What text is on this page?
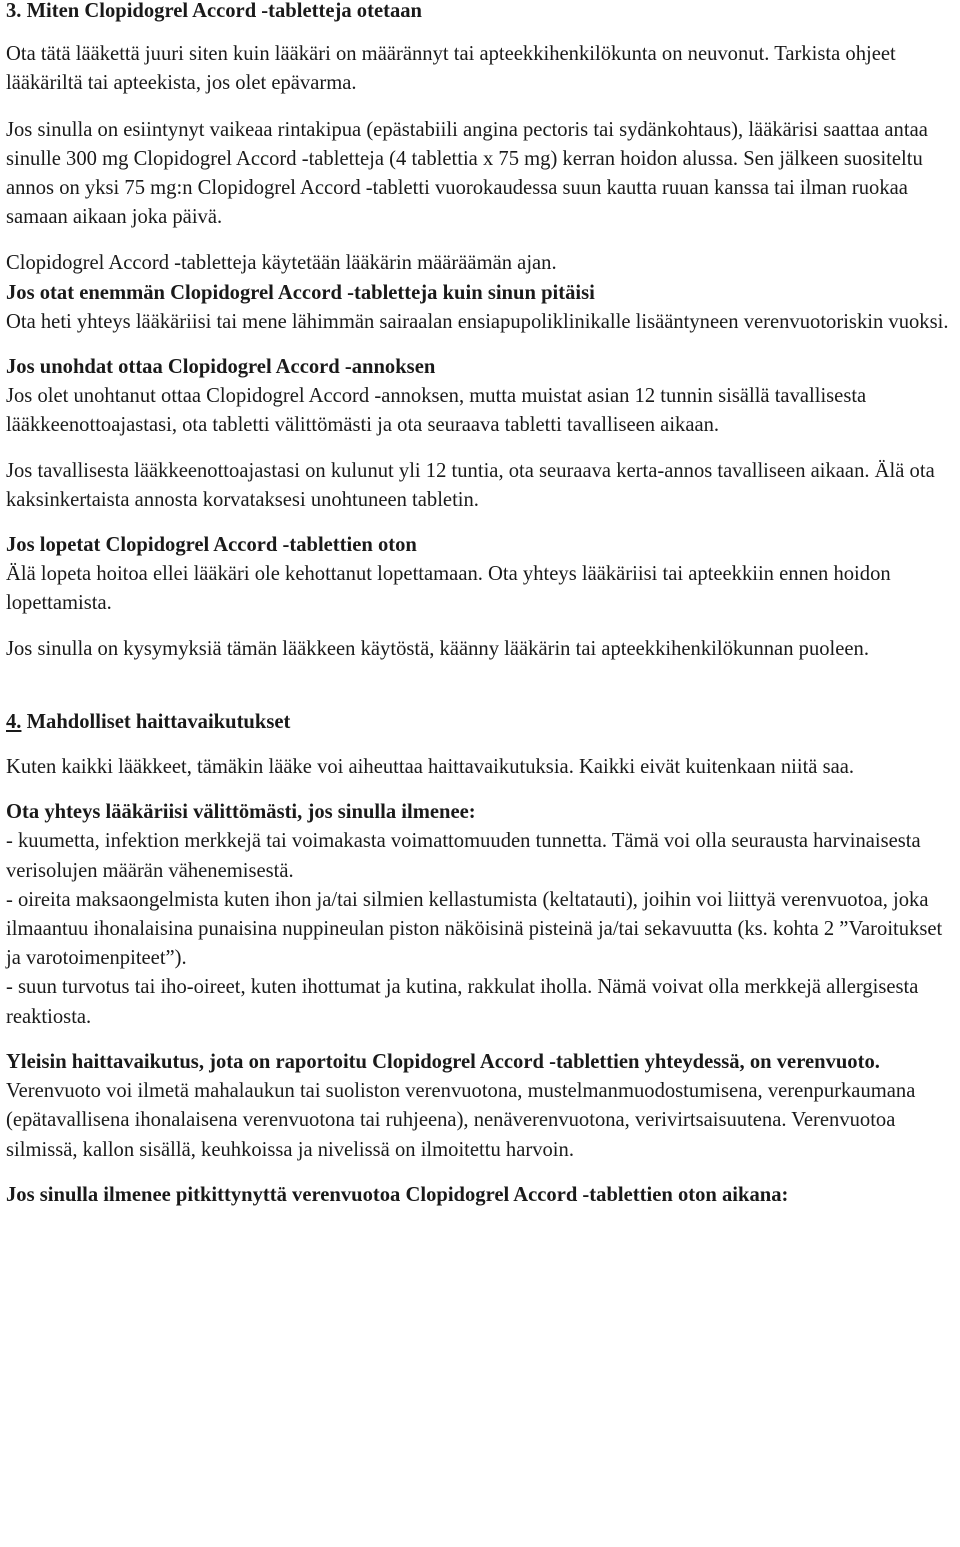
3. Miten Clopidogrel Accord -tabletteja otetaan

Ota tätä lääkettä juuri siten kuin lääkäri on määrännyt tai apteekkihenkilökunta on neuvonut. Tarkista ohjeet lääkäriltä tai apteekista, jos olet epävarma.

Jos sinulla on esiintynyt vaikeaa rintakipua (epästabiili angina pectoris tai sydänkohtaus), lääkärisi saattaa antaa sinulle 300 mg Clopidogrel Accord -tabletteja (4 tablettia x 75 mg) kerran hoidon alussa. Sen jälkeen suositeltu annos on yksi 75 mg:n Clopidogrel Accord -tabletti vuorokaudessa suun kautta ruuan kanssa tai ilman ruokaa samaan aikaan joka päivä.

Clopidogrel Accord -tabletteja käytetään lääkärin määräämän ajan.

Jos otat enemmän Clopidogrel Accord -tabletteja kuin sinun pitäisi

Ota heti yhteys lääkäriisi tai mene lähimmän sairaalan ensiapupoliklinikalle lisääntyneen verenvuotoriskin vuoksi.

Jos unohdat ottaa Clopidogrel Accord -annoksen

Jos olet unohtanut ottaa Clopidogrel Accord -annoksen, mutta muistat asian 12 tunnin sisällä tavallisesta lääkkeenottoajastasi, ota tabletti välittömästi ja ota seuraava tabletti tavalliseen aikaan.

Jos tavallisesta lääkkeenottoajastasi on kulunut yli 12 tuntia, ota seuraava kerta-annos tavalliseen aikaan. Älä ota kaksinkertaista annosta korvataksesi unohtuneen tabletin.

Jos lopetat Clopidogrel Accord -tablettien oton

Älä lopeta hoitoa ellei lääkäri ole kehottanut lopettamaan. Ota yhteys lääkäriisi tai apteekkiin ennen hoidon lopettamista.

Jos sinulla on kysymyksiä tämän lääkkeen käytöstä, käänny lääkärin tai apteekkihenkilökunnan puoleen.

4. Mahdolliset haittavaikutukset

Kuten kaikki lääkkeet, tämäkin lääke voi aiheuttaa haittavaikutuksia. Kaikki eivät kuitenkaan niitä saa.

Ota yhteys lääkäriisi välittömästi, jos sinulla ilmenee:

- kuumetta, infektion merkkejä tai voimakasta voimattomuuden tunnetta. Tämä voi olla seurausta harvinaisesta verisolujen määrän vähenemisestä.

- oireita maksaongelmista kuten ihon ja/tai silmien kellastumista (keltatauti), joihin voi liittyä verenvuotoa, joka ilmaantuu ihonalaisina punaisina nuppineulan piston näköisinä pisteinä ja/tai sekavuutta (ks. kohta 2 ”Varoitukset ja varotoimenpiteet”).

- suun turvotus tai iho-oireet, kuten ihottumat ja kutina, rakkulat iholla. Nämä voivat olla merkkejä allergisesta reaktiosta.

Yleisin haittavaikutus, jota on raportoitu Clopidogrel Accord -tablettien yhteydessä, on verenvuoto. Verenvuoto voi ilmetä mahalaukun tai suoliston verenvuotona, mustelmanmuodostumisena, verenpurkaumana (epätavallisena ihonalaisena verenvuotona tai ruhjeena), nenäverenvuotona, verivirtsaisuutena. Verenvuotoa silmissä, kallon sisällä, keuhkoissa ja nivelissä on ilmoitettu harvoin.

Jos sinulla ilmenee pitkittynyttä verenvuotoa Clopidogrel Accord -tablettien oton aikana:
